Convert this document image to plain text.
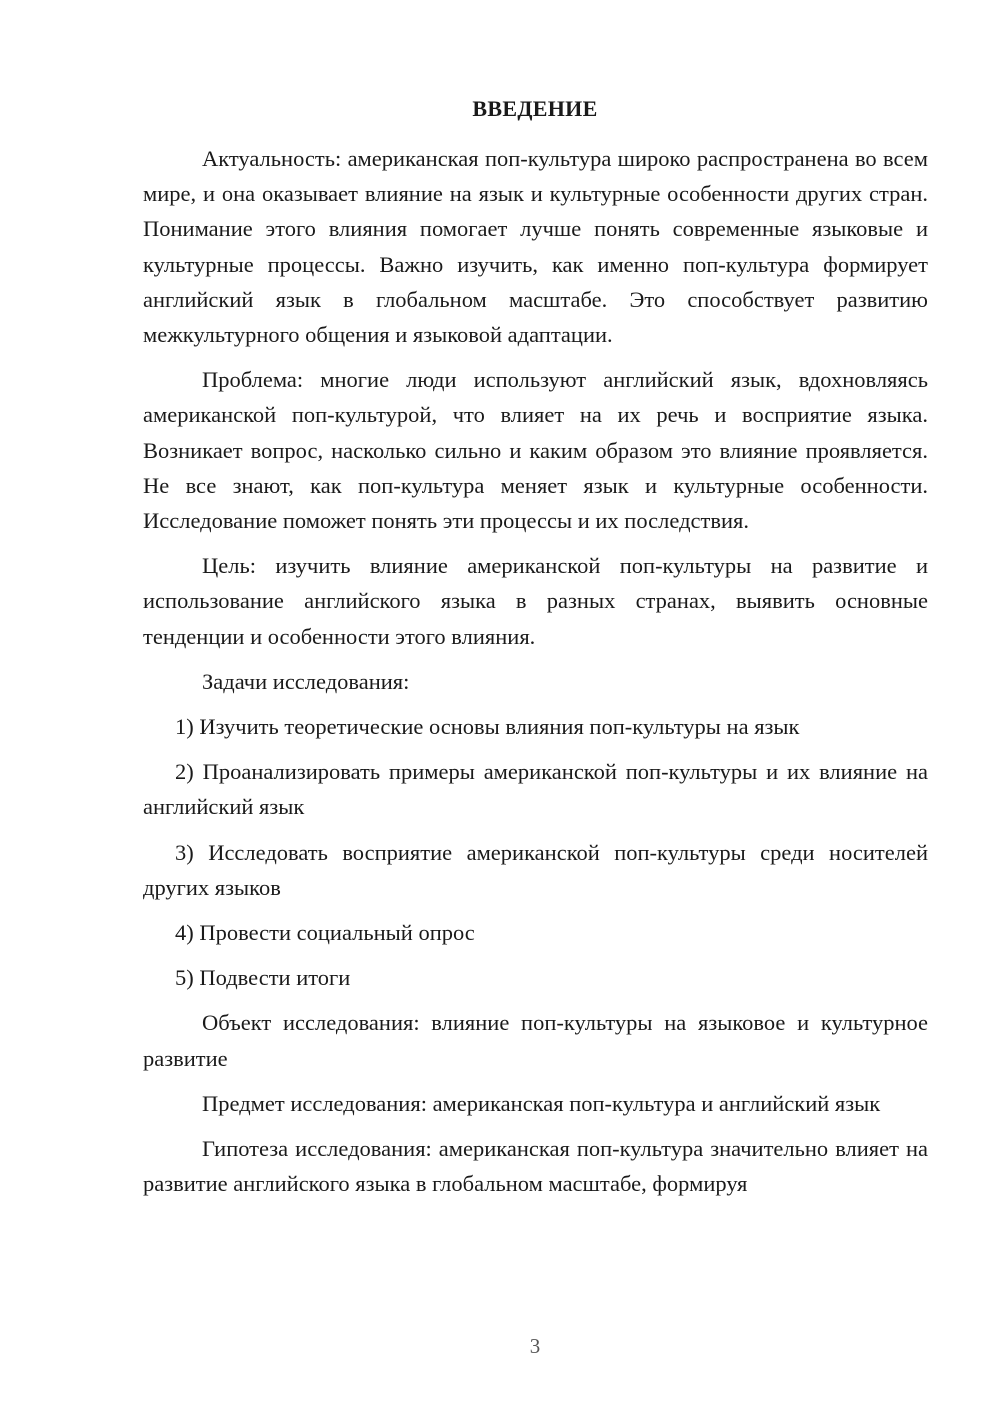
ВВЕДЕНИЕ

Актуальность: американская поп-культура широко распространена во всем мире, и она оказывает влияние на язык и культурные особенности других стран. Понимание этого влияния помогает лучше понять современные языковые и культурные процессы. Важно изучить, как именно поп-культура формирует английский язык в глобальном масштабе. Это способствует развитию межкультурного общения и языковой адаптации.

Проблема: многие люди используют английский язык, вдохновляясь американской поп-культурой, что влияет на их речь и восприятие языка. Возникает вопрос, насколько сильно и каким образом это влияние проявляется. Не все знают, как поп-культура меняет язык и культурные особенности. Исследование поможет понять эти процессы и их последствия.

Цель: изучить влияние американской поп-культуры на развитие и использование английского языка в разных странах, выявить основные тенденции и особенности этого влияния.

Задачи исследования:

1) Изучить теоретические основы влияния поп-культуры на язык

2) Проанализировать примеры американской поп-культуры и их влияние на английский язык

3) Исследовать восприятие американской поп-культуры среди носителей других языков

4) Провести социальный опрос

5) Подвести итоги

Объект исследования: влияние поп-культуры на языковое и культурное развитие

Предмет исследования: американская поп-культура и английский язык

Гипотеза исследования: американская поп-культура значительно влияет на развитие английского языка в глобальном масштабе, формируя

3
